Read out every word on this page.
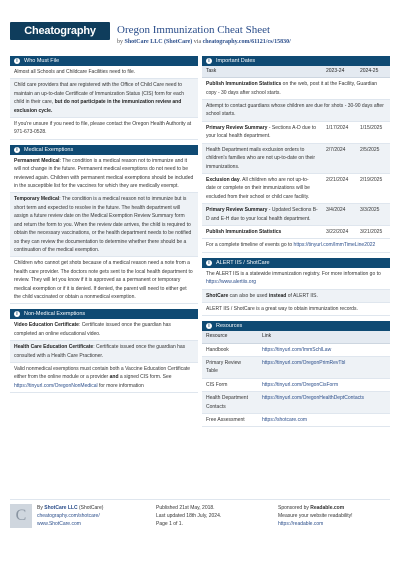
Cheatography	Oregon Immunization Cheat Sheet
by ShotCare LLC (ShotCare) via cheatography.com/61121/cs/15830/
i	Who Must File
Almost all Schools and Childcare Facilities need to file.
Child care providers that are registered with the Office of Child Care need to maintain an up-to-date Certificate of Immunization Status (CIS) form for each child in their care, but do not participate in the immunization review and exclusion cycle.
If you're unsure if you need to file, please contact the Oregon Health Authority at 971-673-0528.
i	Medical Exemptions
Permanent Medical: The condition is a medical reason not to immunize and it will not change in the future. Permanent medical exemptions do not need to be reviewed again. Children with permanent medical exemptions should be included in the susceptible list for the vaccines for which they are medically exempt.
Temporary Medical: The condition is a medical reason not to immunize but is short term and expected to resolve in the future. The health department will assign a future review date on the Medical Exemption Review Summary form and return the form to you. When the review date arrives, the child is required to obtain the necessary vaccinations, or the health department needs to be notified so they can review the documentation to determine whether there should be a continuation of the medical exemption.
Children who cannot get shots because of a medical reason need a note from a health care provider. The doctors note gets sent to the local health department to review. They will let you know if it is approved as a permanent or temporary medical exemption or if it is denied. If denied, the parent will need to either get the child vaccinated or obtain a nonmedical exemption.
i	Non-Medical Exemptions
Video Education Certificate: Certificate issued once the guardian has completed an online educational video.
Health Care Education Certificate: Certificate issued once the guardian has consulted with a Health Care Practioner.
Valid nonmedical exemptions must contain both a Vaccine Education Certificate either from the online module or a provider and a signed CIS form. See https://tinyurl.com/OregonNonMedical for more information
i	Important Dates
Task	2023-24	2024-25
Publish Immunization Statistics on the web, post it at the Facility, Guardian copy - 30 days after school starts.		
Attempt to contact guardians whose children are due for shots - 30-90 days after school starts.		
Primary Review Summary - Sections A-D due to your local health department.	1/17/2024	1/15/2025
Health Department mails exclusion orders to children's families who are not up-to-date on their immunizations.	2/7/2024	2/5/2025
Exclusion day. All children who are not up-to-date or complete on their immunizations will be excluded from their school or child care facility.	2/21/2024	2/19/2025
Primary Review Summary - Updated Sections B-D and E-H due to your local health department.	3/4/2024	3/3/2025
Publish Immunization Statistics	3/22/2024	3/21/2025
For a complete timeline of events go to https://tinyurl.com/ImmTimeLine2022
i	ALERT IIS / ShotCare
The ALERT IIS is a statewide immunization registry. For more information go to https://www.alertiis.org
ShotCare can also be used instead of ALERT IIS.
ALERT IIS / ShotCare is a great way to obtain immunization records.
i	Resources
Resource	Link
Handbook	https://tinyurl.com/ImmSchlLaw
Primary Review Table	https://tinyurl.com/OregonPrimRevTbl
CIS Form	https://tinyurl.com/OregonCisForm
Health Department Contacts	https://tinyurl.com/OregonHealthDeptContacts
Free Assessment	https://shotcare.com
C	By ShotCare LLC (ShotCare)
cheatography.com/shotcare/
www.ShotCare.com
Published 21st May, 2018.
Last updated 18th July, 2024.
Page 1 of 1.
Sponsored by Readable.com
Measure your website readability!
https://readable.com
